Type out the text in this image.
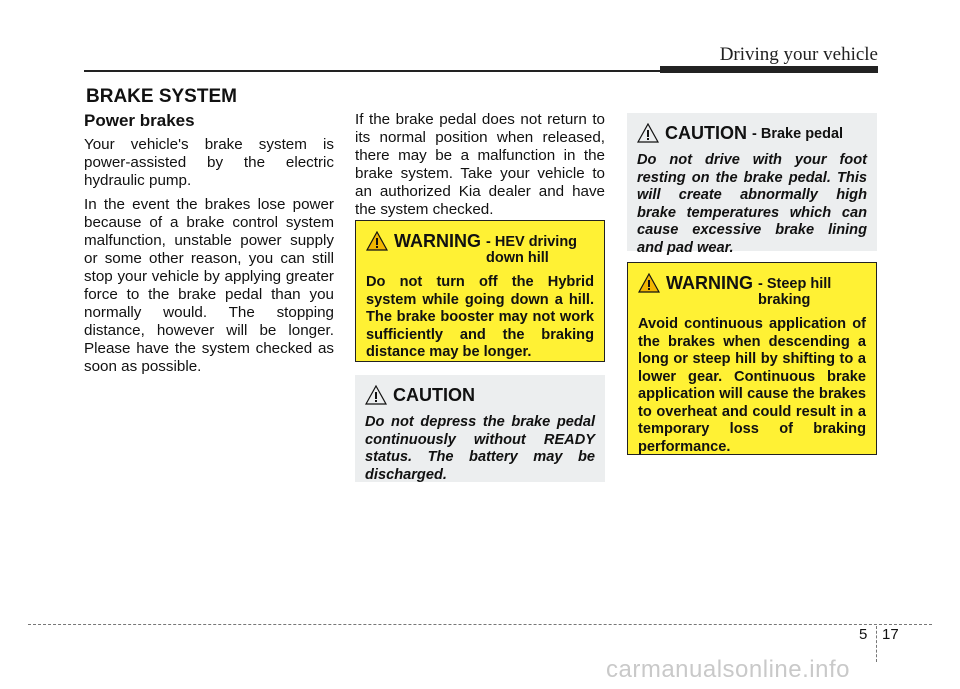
Driving your vehicle
BRAKE SYSTEM
Power brakes

Your vehicle's brake system is power-assisted by the electric hydraulic pump.

In the event the brakes lose power because of a brake control system malfunction, unstable power supply or some other reason, you can still stop your vehicle by applying greater force to the brake pedal than you normally would. The stopping distance, however will be longer. Please have the system checked as soon as possible.

If the brake pedal does not return to its normal position when released, there may be a malfunction in the brake system. Take your vehicle to an authorized Kia dealer and have the system checked.

WARNING - HEV driving down hill
Do not turn off the Hybrid system while going down a hill. The brake booster may not work sufficiently and the braking distance may be longer.
CAUTION
Do not depress the brake pedal continuously without READY status. The battery may be discharged.
CAUTION - Brake pedal
Do not drive with your foot resting on the brake pedal. This will create abnormally high brake temperatures which can cause excessive brake lining and pad wear.
WARNING - Steep hill braking
Avoid continuous application of the brakes when descending a long or steep hill by shifting to a lower gear. Continuous brake application will cause the brakes to overheat and could result in a temporary loss of braking performance.
5 17
carmanualsonline.info
